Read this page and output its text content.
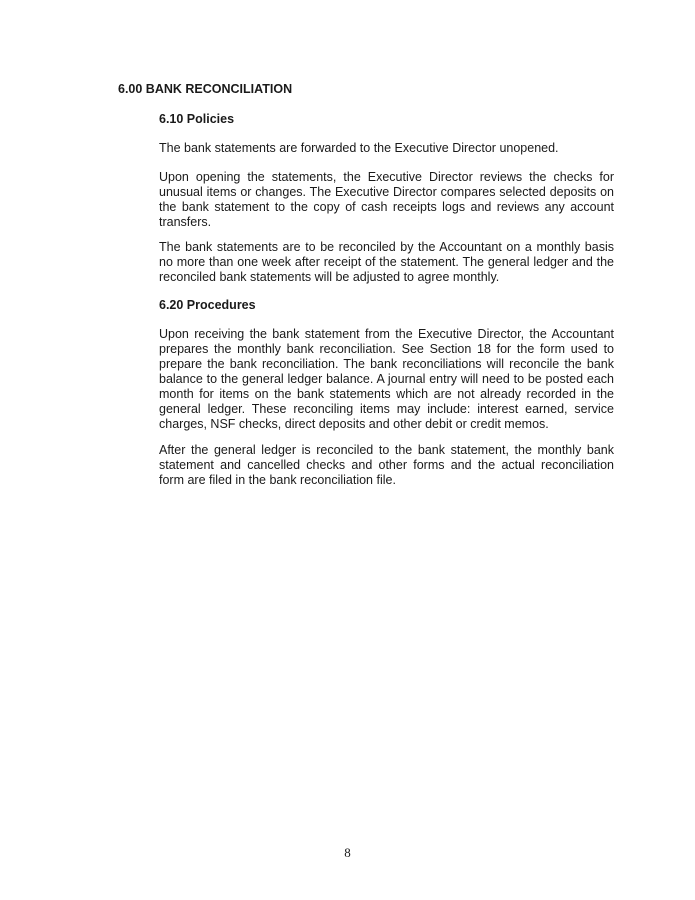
6.00 BANK RECONCILIATION
6.10 Policies

The bank statements are forwarded to the Executive Director unopened.

Upon opening the statements, the Executive Director reviews the checks for unusual items or changes. The Executive Director compares selected deposits on the bank statement to the copy of cash receipts logs and reviews any account transfers.

The bank statements are to be reconciled by the Accountant on a monthly basis no more than one week after receipt of the statement. The general ledger and the reconciled bank statements will be adjusted to agree monthly.

6.20 Procedures

Upon receiving the bank statement from the Executive Director, the Accountant prepares the monthly bank reconciliation. See Section 18 for the form used to prepare the bank reconciliation. The bank reconciliations will reconcile the bank balance to the general ledger balance. A journal entry will need to be posted each month for items on the bank statements which are not already recorded in the general ledger. These reconciling items may include: interest earned, service charges, NSF checks, direct deposits and other debit or credit memos.

After the general ledger is reconciled to the bank statement, the monthly bank statement and cancelled checks and other forms and the actual reconciliation form are filed in the bank reconciliation file.

8
